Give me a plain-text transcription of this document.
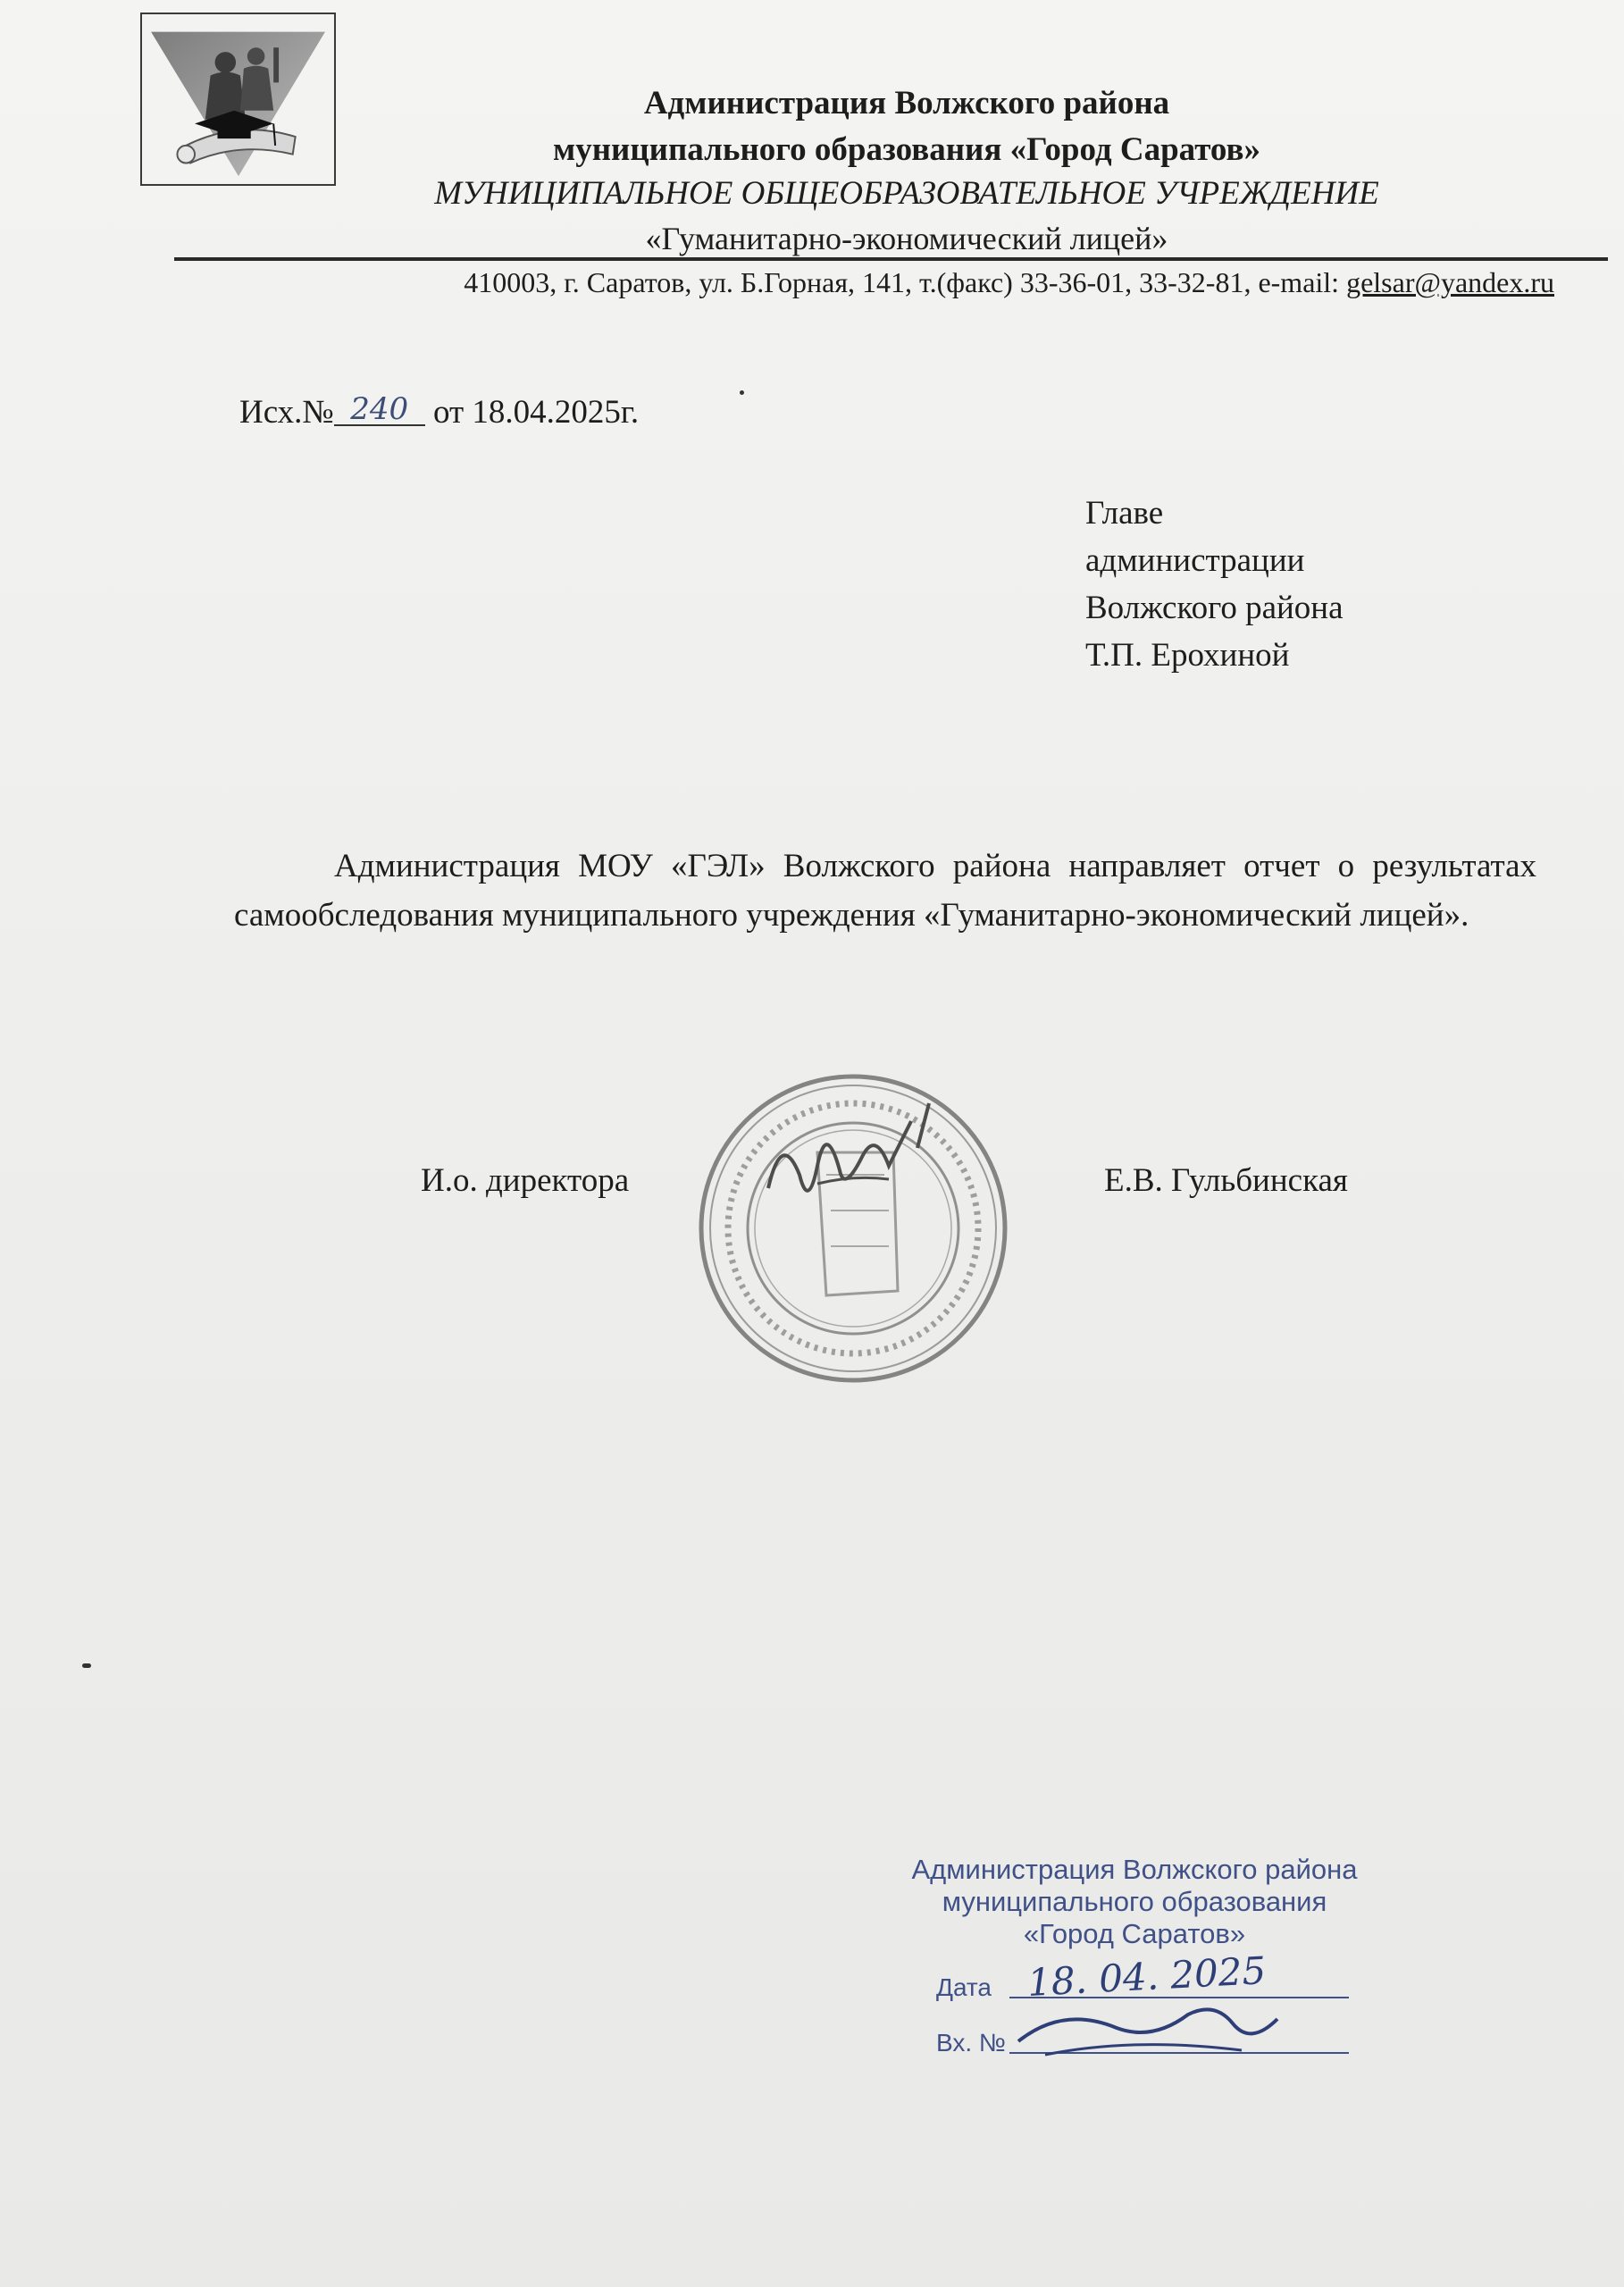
Администрация Волжского района
муниципального образования «Город Саратов»
МУНИЦИПАЛЬНОЕ ОБЩЕОБРАЗОВАТЕЛЬНОЕ УЧРЕЖДЕНИЕ
«Гуманитарно-экономический лицей»
410003, г. Саратов, ул. Б.Горная, 141, т.(факс) 33-36-01, 33-32-81, e-mail: gelsar@yandex.ru
Исх.№ 240 от 18.04.2025г.
Главе
администрации
Волжского района
Т.П. Ерохиной

Администрация МОУ «ГЭЛ» Волжского района направляет отчет о результатах самообследования муниципального учреждения «Гуманитарно-экономический лицей».

И.о. директора	Е.В. Гульбинская
Администрация Волжского района
муниципального образования
«Город Саратов»
Дата 18. 04. 2025
Вх. №
